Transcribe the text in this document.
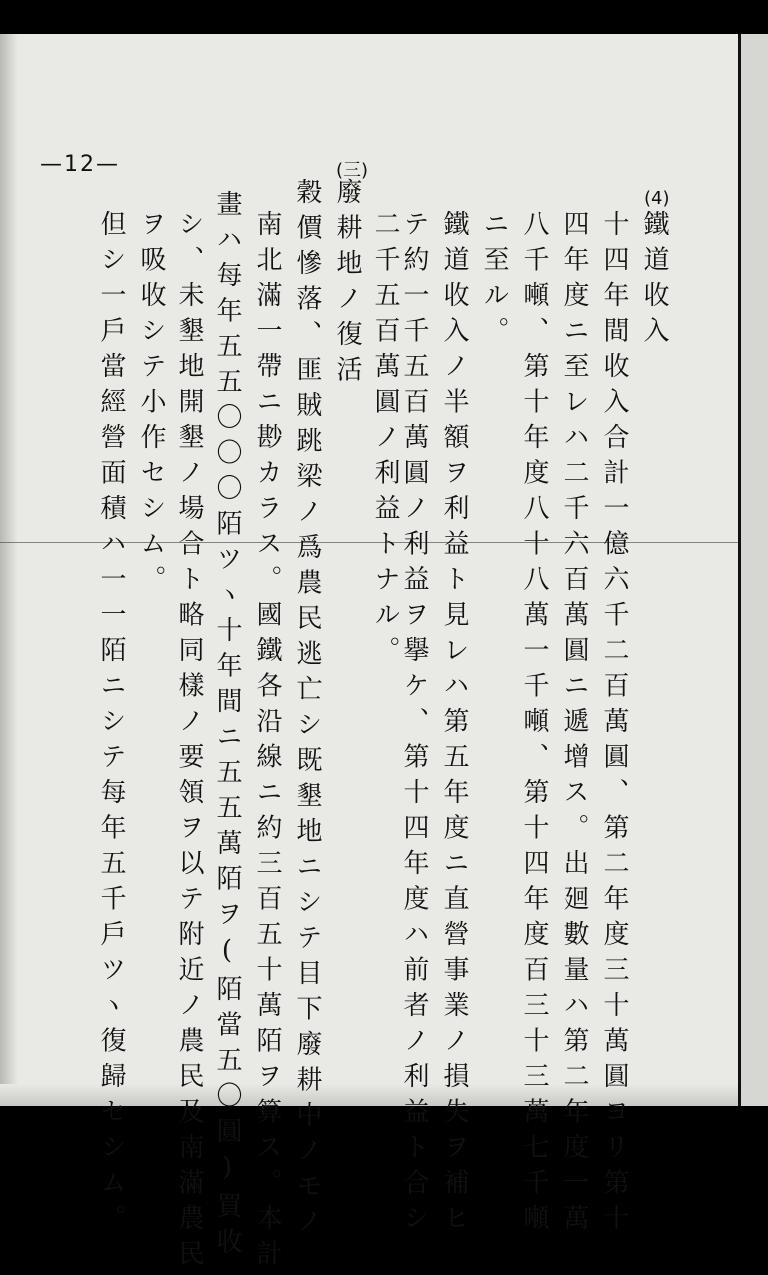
—12—
(4)
鐵道收入
十四年間收入合計一億六千二百萬圓、第二年度三十萬圓ヨリ第十
四年度ニ至レハ二千六百萬圓ニ遞增ス。出廻數量ハ第二年度一萬
八千噸、第十年度八十八萬一千噸、第十四年度百三十三萬七千噸
ニ至ル。
鐵道收入ノ半額ヲ利益ト見レハ第五年度ニ直營事業ノ損失ヲ補ヒ
テ約一千五百萬圓ノ利益ヲ擧ケ、第十四年度ハ前者ノ利益ト合シ
二千五百萬圓ノ利益トナル。
(三)
廢耕地ノ復活
穀價慘落、匪賊跳梁ノ爲農民逃亡シ既墾地ニシテ目下廢耕中ノモノ
南北滿一帶ニ尠カラス。國鐵各沿線ニ約三百五十萬陌ヲ算ス。本計
畫ハ每年五五〇〇〇陌ツヽ十年間ニ五五萬陌ヲ(陌當五〇圓)買收
シ、未墾地開墾ノ場合ト略同樣ノ要領ヲ以テ附近ノ農民及南滿農民
ヲ吸收シテ小作セシム。
但シ一戶當經營面積ハ一一陌ニシテ每年五千戶ツヽ復歸セシム。
